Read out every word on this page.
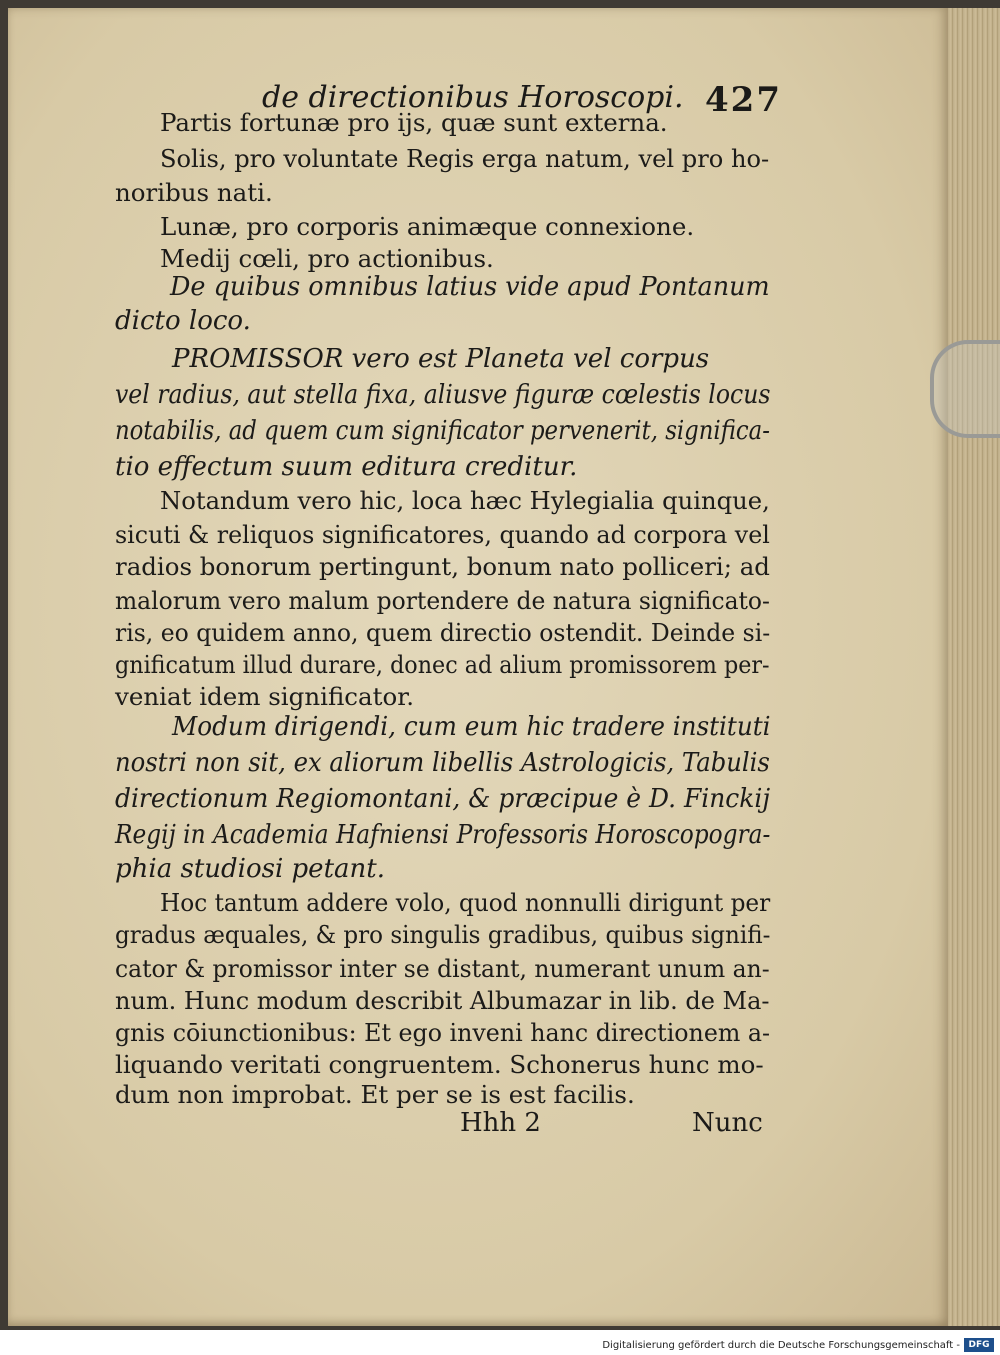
de directionibus Horoscopi. 427
Partis fortunæ pro ijs, quæ sunt externa.
Solis, pro voluntate Regis erga natum, vel pro ho-
noribus nati.
Lunæ, pro corporis animæque connexione.
Medij cœli, pro actionibus.
De quibus omnibus latius vide apud Pontanum
dicto loco.
PROMISSOR vero est Planeta vel corpus
vel radius, aut stella fixa, aliusve figuræ cœlestis locus
notabilis, ad quem cum significator pervenerit, significa-
tio effectum suum editura creditur.
Notandum vero hic, loca hæc Hylegialia quinque,
sicuti & reliquos significatores, quando ad corpora vel
radios bonorum pertingunt, bonum nato polliceri; ad
malorum vero malum portendere de natura significato-
ris, eo quidem anno, quem directio ostendit. Deinde si-
gnificatum illud durare, donec ad alium promissorem per-
veniat idem significator.
Modum dirigendi, cum eum hic tradere instituti
nostri non sit, ex aliorum libellis Astrologicis, Tabulis
directionum Regiomontani, & præcipue è D. Finckij
Regij in Academia Hafniensi Professoris Horoscopogra-
phia studiosi petant.
Hoc tantum addere volo, quod nonnulli dirigunt per
gradus æquales, & pro singulis gradibus, quibus signifi-
cator & promissor inter se distant, numerant unum an-
num. Hunc modum describit Albumazar in lib. de Ma-
gnis cōiunctionibus: Et ego inveni hanc directionem a-
liquando veritati congruentem. Schonerus hunc mo-
dum non improbat. Et per se is est facilis.
Hhh 2	Nunc
Digitalisierung gefördert durch die Deutsche Forschungsgemeinschaft - DFG
